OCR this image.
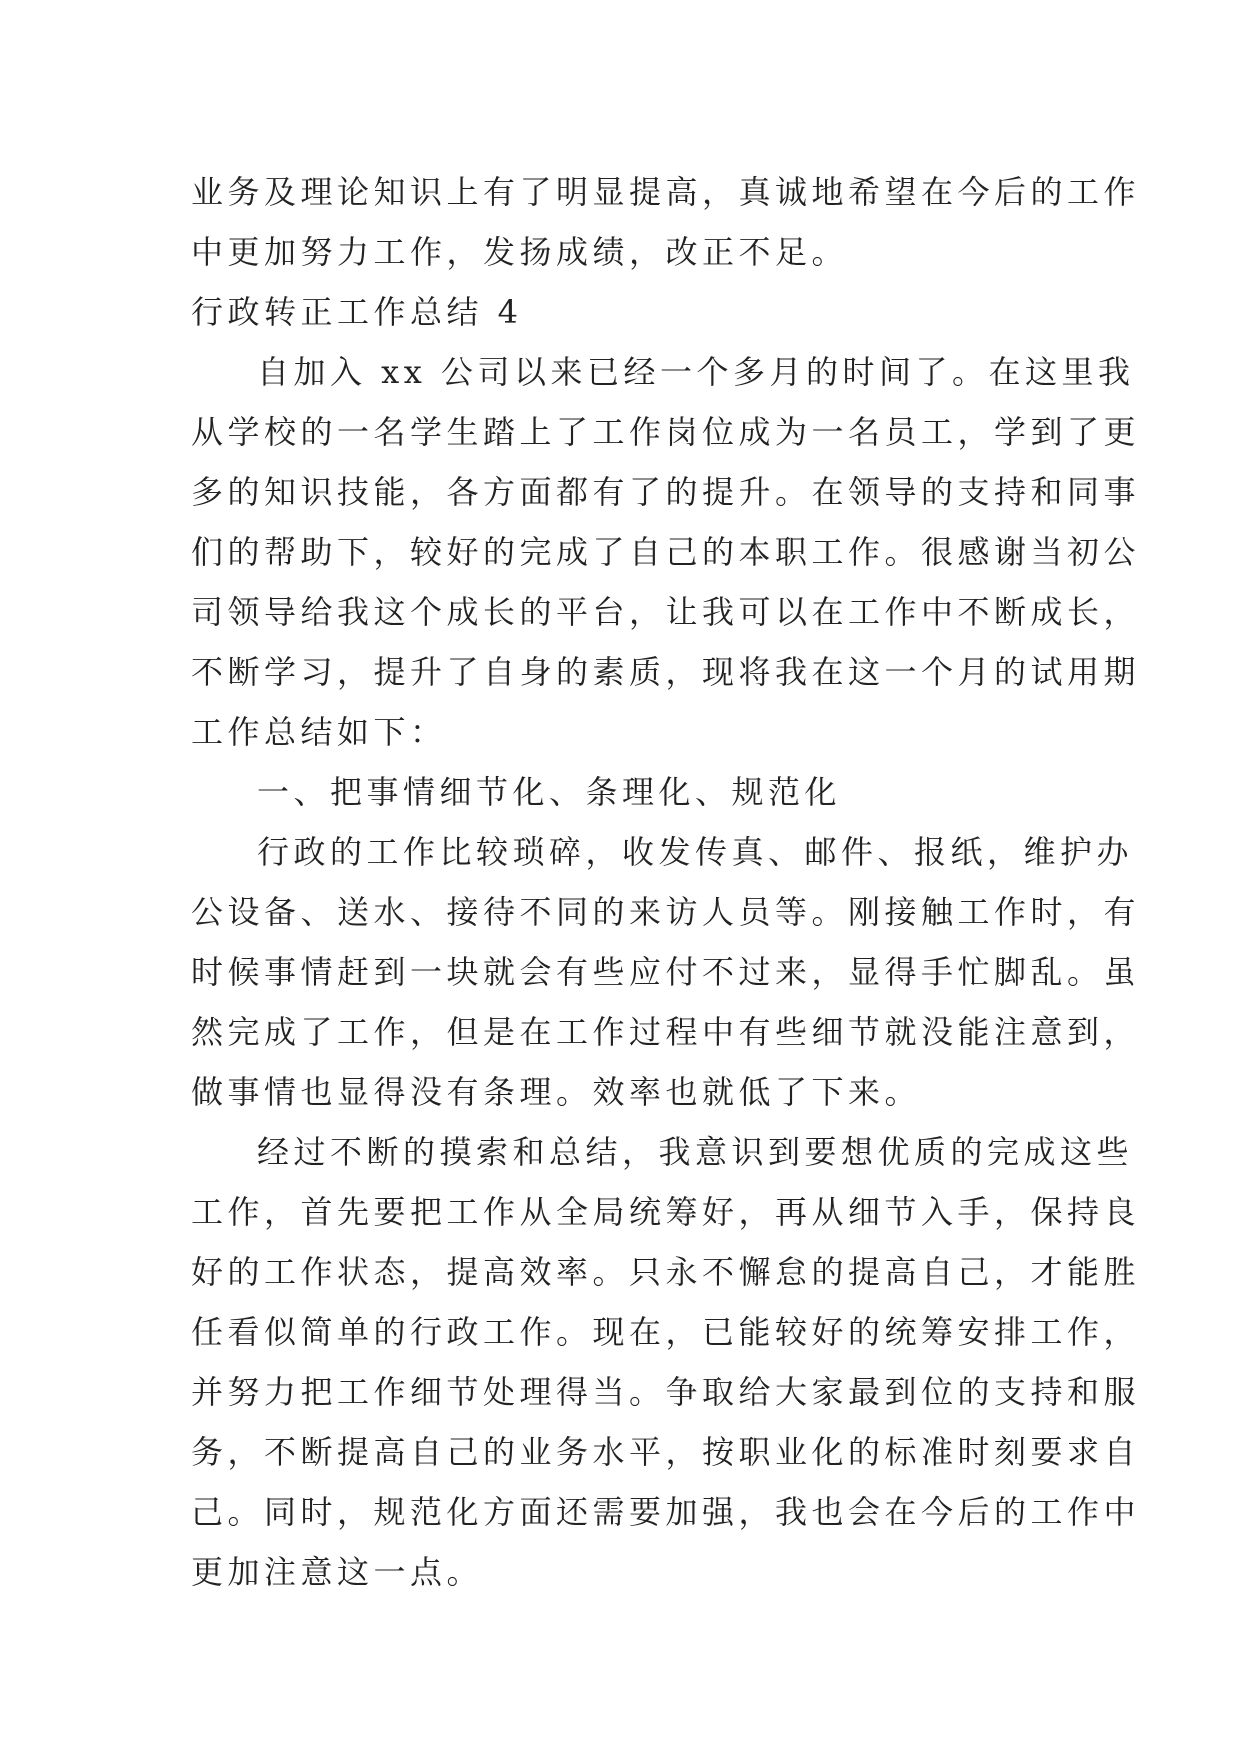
业务及理论知识上有了明显提高，真诚地希望在今后的工作
中更加努力工作，发扬成绩，改正不足。
行政转正工作总结 4
自加入 xx 公司以来已经一个多月的时间了。在这里我
从学校的一名学生踏上了工作岗位成为一名员工，学到了更
多的知识技能，各方面都有了的提升。在领导的支持和同事
们的帮助下，较好的完成了自己的本职工作。很感谢当初公
司领导给我这个成长的平台，让我可以在工作中不断成长，
不断学习，提升了自身的素质，现将我在这一个月的试用期
工作总结如下：
一、把事情细节化、条理化、规范化
行政的工作比较琐碎，收发传真、邮件、报纸，维护办
公设备、送水、接待不同的来访人员等。刚接触工作时，有
时候事情赶到一块就会有些应付不过来，显得手忙脚乱。虽
然完成了工作，但是在工作过程中有些细节就没能注意到，
做事情也显得没有条理。效率也就低了下来。
经过不断的摸索和总结，我意识到要想优质的完成这些
工作，首先要把工作从全局统筹好，再从细节入手，保持良
好的工作状态，提高效率。只永不懈怠的提高自己，才能胜
任看似简单的行政工作。现在，已能较好的统筹安排工作，
并努力把工作细节处理得当。争取给大家最到位的支持和服
务，不断提高自己的业务水平，按职业化的标准时刻要求自
己。同时，规范化方面还需要加强，我也会在今后的工作中
更加注意这一点。
